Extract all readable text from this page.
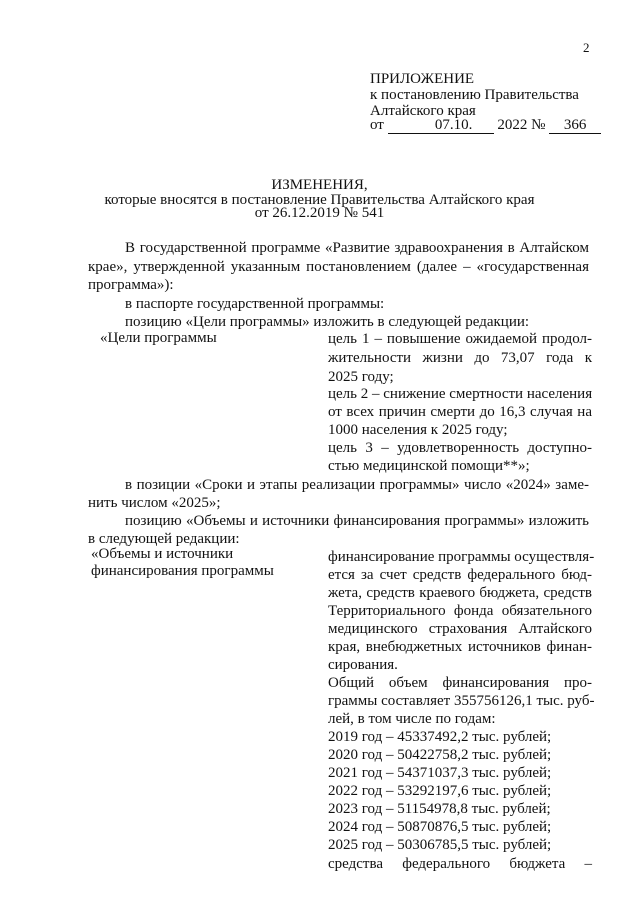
2
ПРИЛОЖЕНИЕ
к постановлению Правительства
Алтайского края
от	07.10. 2022 № 366
ИЗМЕНЕНИЯ,
которые вносятся в постановление Правительства Алтайского края
от 26.12.2019 № 541
В государственной программе «Развитие здравоохранения в Алтайском
крае», утвержденной указанным постановлением (далее – «государственная
программа»):
в паспорте государственной программы:
позицию «Цели программы» изложить в следующей редакции:
«Цели программы	цель 1 – повышение ожидаемой продол-
жительности жизни до 73,07 года к
2025 году;
цель 2 – снижение смертности населения
от всех причин смерти до 16,3 случая на
1000 населения к 2025 году;
цель 3 – удовлетворенность доступно-
стью медицинской помощи**»;
в позиции «Сроки и этапы реализации программы» число «2024» заме-
нить числом «2025»;
позицию «Объемы и источники финансирования программы» изложить
в следующей редакции:
«Объемы и источники
финансирования программы
финансирование программы осуществля-
ется за счет средств федерального бюд-
жета, средств краевого бюджета, средств
Территориального фонда обязательного
медицинского страхования Алтайского
края, внебюджетных источников финан-
сирования.
Общий объем финансирования про-
граммы составляет 355756126,1 тыс. руб-
лей, в том числе по годам:
2019 год – 45337492,2 тыс. рублей;
2020 год – 50422758,2 тыс. рублей;
2021 год – 54371037,3 тыс. рублей;
2022 год – 53292197,6 тыс. рублей;
2023 год – 51154978,8 тыс. рублей;
2024 год – 50870876,5 тыс. рублей;
2025 год – 50306785,5 тыс. рублей;
средства федерального бюджета –
